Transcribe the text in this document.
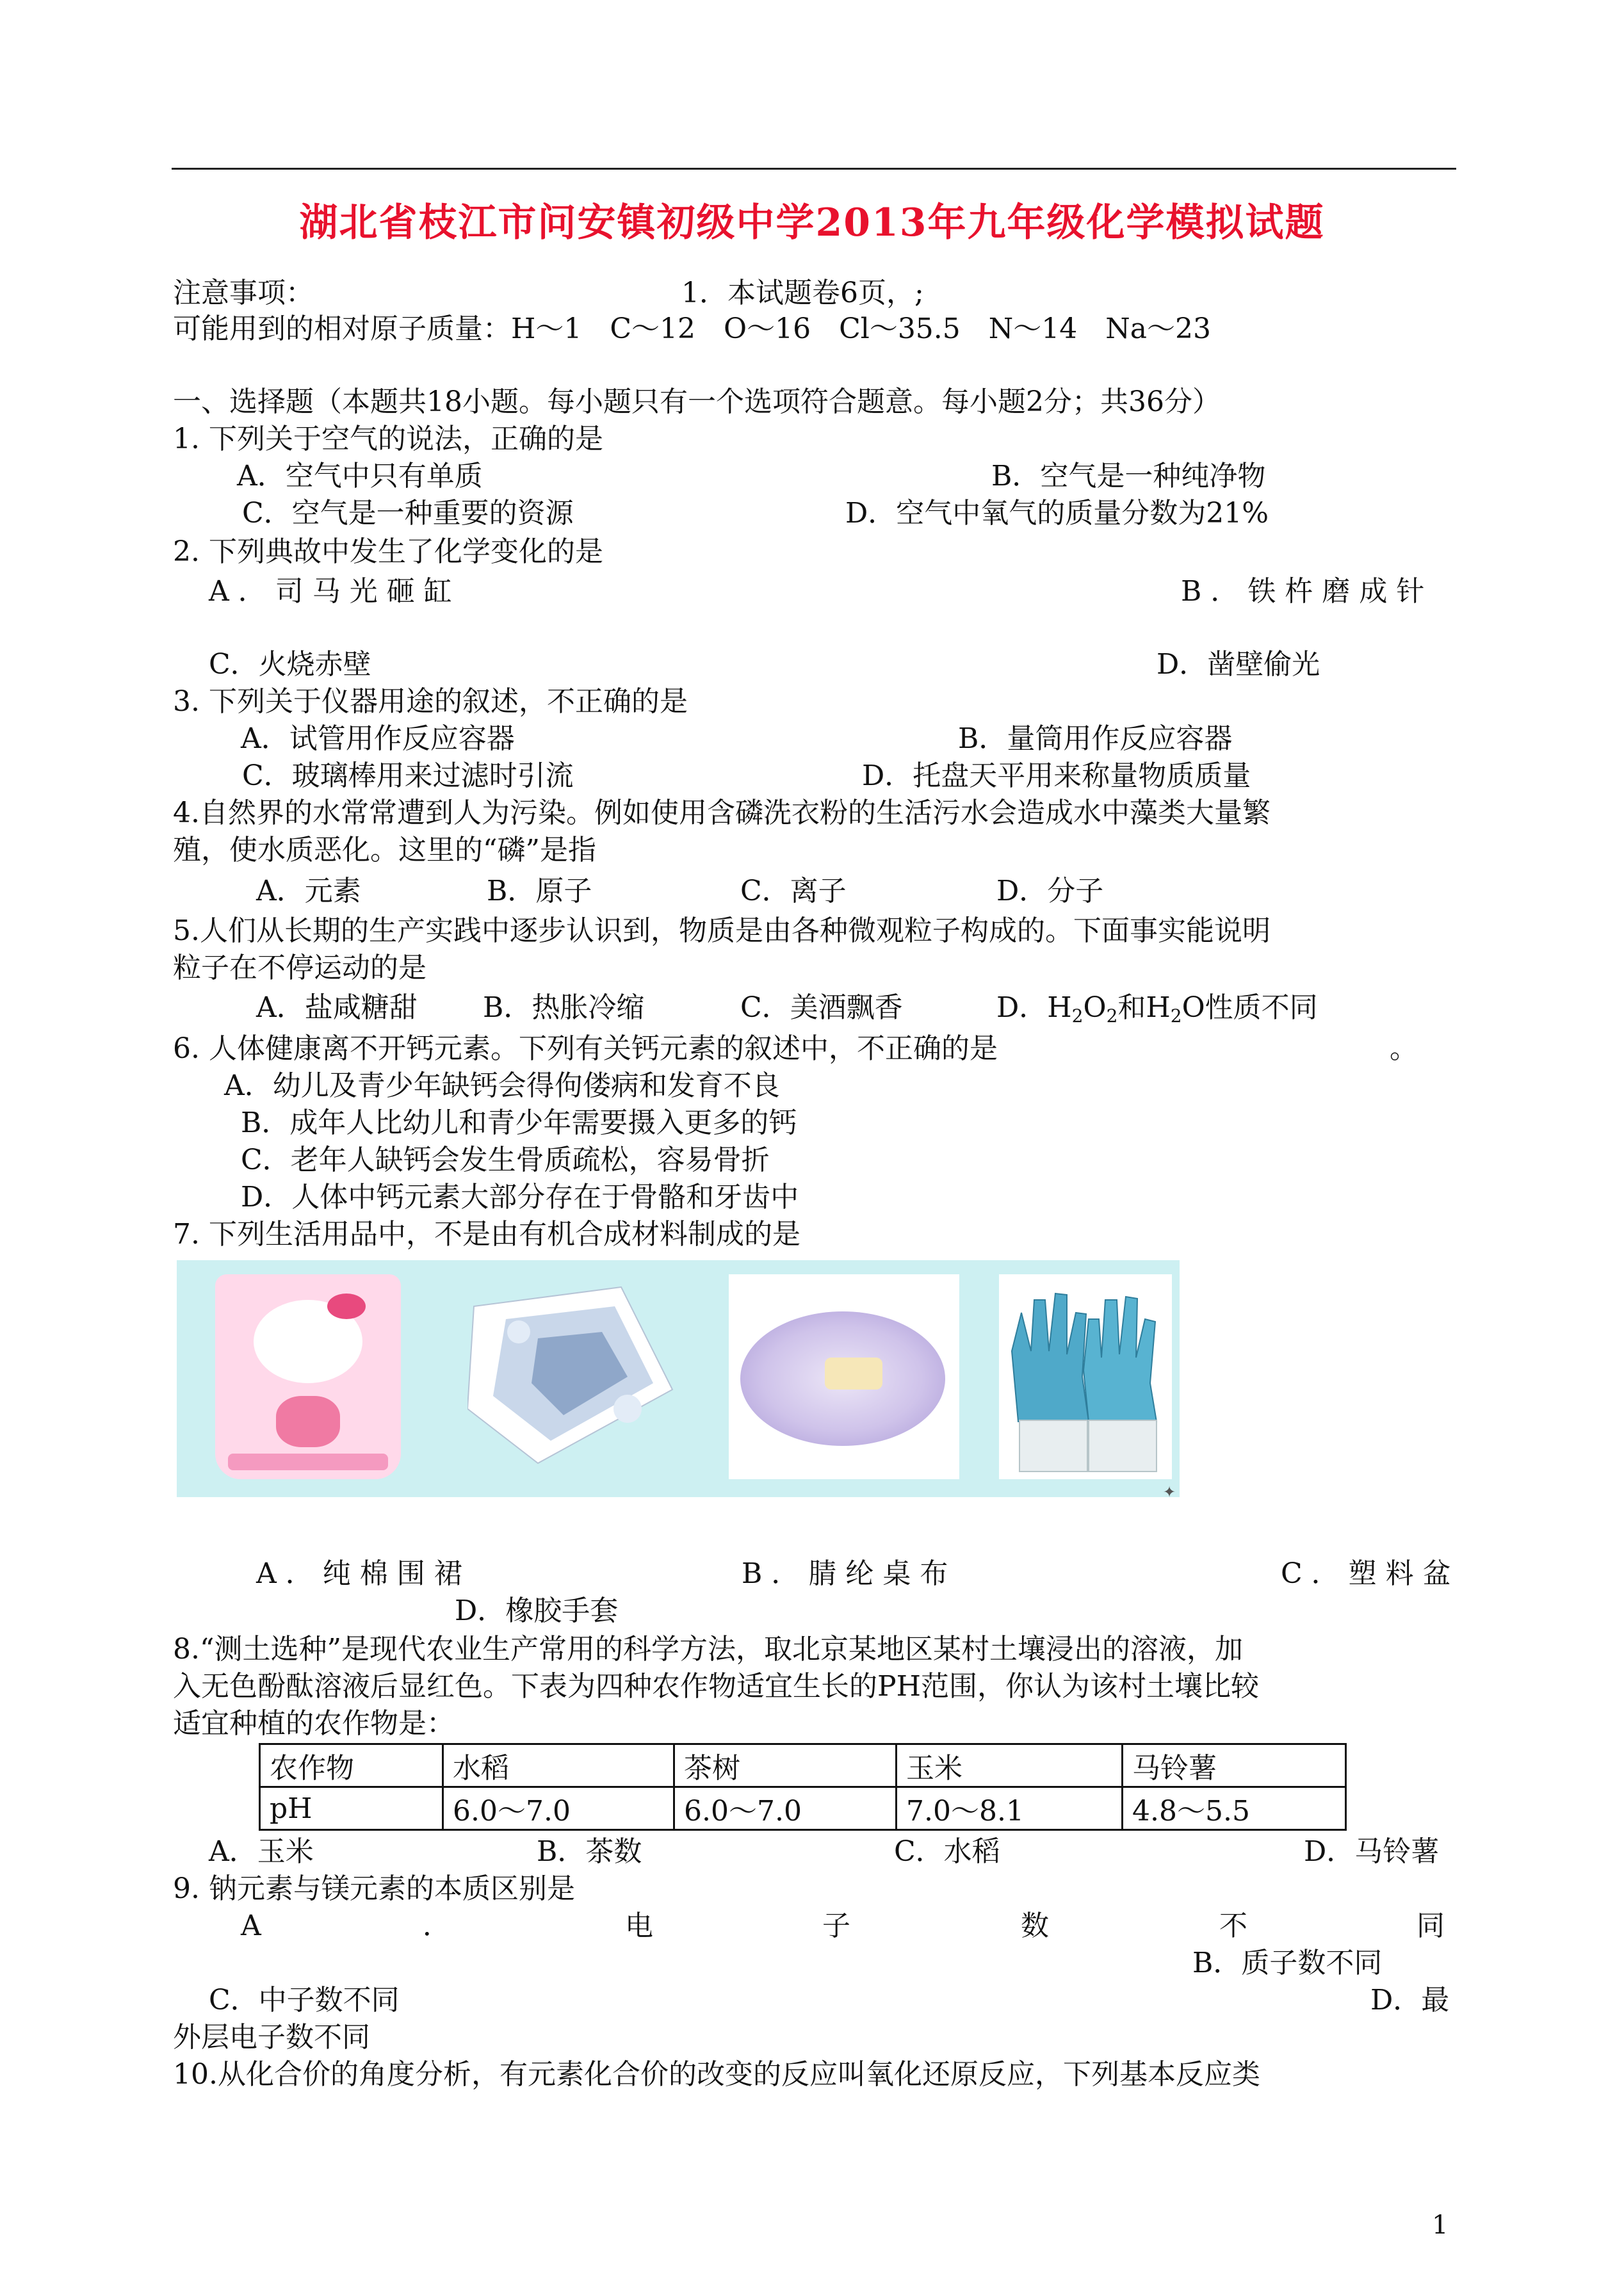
湖北省枝江市问安镇初级中学2013年九年级化学模拟试题
注意事项：	1．本试题卷6页，;
可能用到的相对原子质量：H～1　C～12　O～16　Cl～35.5　N～14　Na～23
一、选择题（本题共18小题。每小题只有一个选项符合题意。每小题2分；共36分）
1. 下列关于空气的说法，正确的是
A．空气中只有单质	B．空气是一种纯净物
C．空气是一种重要的资源	D．空气中氧气的质量分数为21%
2. 下列典故中发生了化学变化的是
A．司马光砸缸	B．铁杵磨成针
C．火烧赤壁	D．凿壁偷光
3. 下列关于仪器用途的叙述，不正确的是
A．试管用作反应容器	B．量筒用作反应容器
C．玻璃棒用来过滤时引流	D．托盘天平用来称量物质质量
4.自然界的水常常遭到人为污染。例如使用含磷洗衣粉的生活污水会造成水中藻类大量繁
殖，使水质恶化。这里的“磷”是指
A．元素	B．原子	C．离子	D．分子
5.人们从长期的生产实践中逐步认识到，物质是由各种微观粒子构成的。下面事实能说明
粒子在不停运动的是
A．盐咸糖甜 B．热胀冷缩	C．美酒飘香	D．$H_2O_2$和$H_2O$性质不同
6. 人体健康离不开钙元素。下列有关钙元素的叙述中，不正确的是	。
A．幼儿及青少年缺钙会得佝偻病和发育不良
B．成年人比幼儿和青少年需要摄入更多的钙
C．老年人缺钙会发生骨质疏松，容易骨折
D．人体中钙元素大部分存在于骨骼和牙齿中
7. 下列生活用品中，不是由有机合成材料制成的是
✦
A．纯棉围裙	B．腈纶桌布	C．塑料盆
D．橡胶手套
8.“测土选种”是现代农业生产常用的科学方法，取北京某地区某村土壤浸出的溶液，加
入无色酚酞溶液后显红色。下表为四种农作物适宜生长的PH范围，你认为该村土壤比较
适宜种植的农作物是：
农作物	水稻	茶树	玉米	马铃薯
pH	6.0～7.0	6.0～7.0	7.0～8.1	4.8～5.5
A．玉米	B．茶数	C．水稻	D．马铃薯
9. 钠元素与镁元素的本质区别是
A	．	电	子	数	不	同
B．质子数不同
C．中子数不同	D．最
外层电子数不同
10.从化合价的角度分析，有元素化合价的改变的反应叫氧化还原反应，下列基本反应类
1
